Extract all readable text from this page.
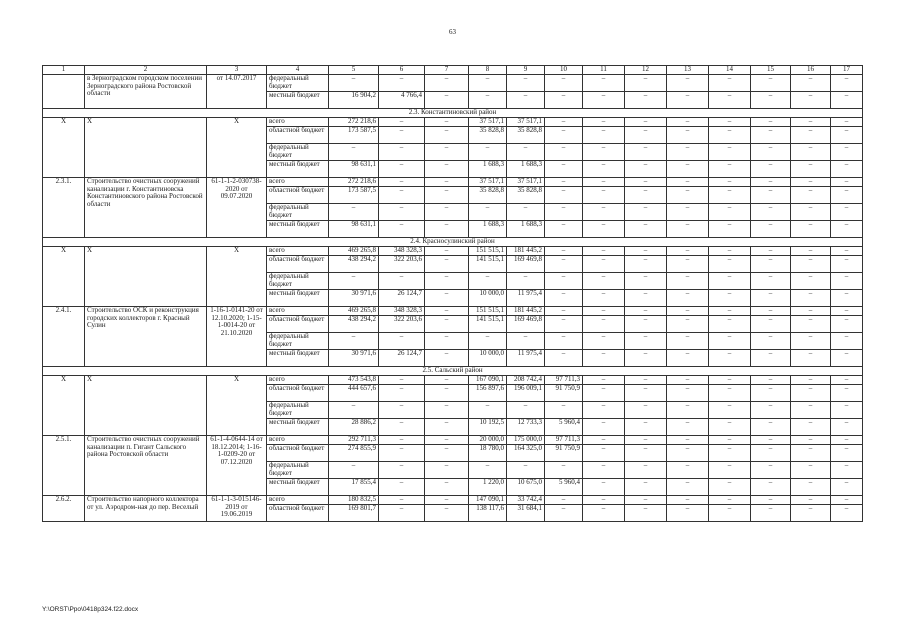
63
1	2	3	4	5	6	7	8	9	10	11	12	13	14	15	16	17
	в Зерноградском городском поселении Зерноградского района Ростовской области	от 14.07.2017	федеральный бюджет	–	–	–	–	–	–	–	–	–	–	–	–	–
			местный бюджет	16 904,2	4 766,4	–	–	–	–	–	–	–	–	–	–	–
2.3. Константиновский район																
Х	Х	Х	всего	272 218,6	–	–	37 517,1	37 517,1	–	–	–	–	–	–	–	–
			областной бюджет	173 587,5	–	–	35 828,8	35 828,8	–	–	–	–	–	–	–	–
			федеральный бюджет	–	–	–	–	–	–	–	–	–	–	–	–	–
			местный бюджет	98 631,1	–	–	1 688,3	1 688,3	–	–	–	–	–	–	–	–
2.3.1.	Строительство очистных сооружений канализации г. Константиновска Константиновского района Ростовской области	61-1-1-2-030738-2020 от 09.07.2020	всего	272 218,6	–	–	37 517,1	37 517,1	–	–	–	–	–	–	–	–
			областной бюджет	173 587,5	–	–	35 828,8	35 828,8	–	–	–	–	–	–	–	–
			федеральный бюджет	–	–	–	–	–	–	–	–	–	–	–	–	–
			местный бюджет	98 631,1	–	–	1 688,3	1 688,3	–	–	–	–	–	–	–	–
2.4. Красносулинский район																
Х	Х	Х	всего	469 265,8	348 328,3	–	151 515,1	181 445,2	–	–	–	–	–	–	–	–
			областной бюджет	438 294,2	322 203,6	–	141 515,1	169 469,8	–	–	–	–	–	–	–	–
			федеральный бюджет	–	–	–	–	–	–	–	–	–	–	–	–	–
			местный бюджет	30 971,6	26 124,7	–	10 000,0	11 975,4	–	–	–	–	–	–	–	–
2.4.1.	Строительство ОСК и реконструкция городских коллекторов г. Красный Сулин	1-16-1-0141-20 от 12.10.2020; 1-15-1-0014-20 от 21.10.2020	всего	469 265,8	348 328,3	–	151 515,1	181 445,2	–	–	–	–	–	–	–	–
			областной бюджет	438 294,2	322 203,6	–	141 515,1	169 469,8	–	–	–	–	–	–	–	–
			федеральный бюджет	–	–	–	–	–	–	–	–	–	–	–	–	–
			местный бюджет	30 971,6	26 124,7	–	10 000,0	11 975,4	–	–	–	–	–	–	–	–
2.5. Сальский район																
Х	Х	Х	всего	473 543,8	–	–	167 090,1	208 742,4	97 711,3	–	–	–	–	–	–	–
			областной бюджет	444 657,6	–	–	156 897,6	196 009,1	91 750,9	–	–	–	–	–	–	–
			федеральный бюджет	–	–	–	–	–	–	–	–	–	–	–	–	–
			местный бюджет	28 886,2	–	–	10 192,5	12 733,3	5 960,4	–	–	–	–	–	–	–
2.5.1.	Строительство очистных сооружений канализации п. Гигант Сальского района Ростовской области	61-1-4-0644-14 от 18.12.2014; 1-16-1-0209-20 от 07.12.2020	всего	292 711,3	–	–	20 000,0	175 000,0	97 711,3	–	–	–	–	–	–	–
			областной бюджет	274 855,9	–	–	18 780,0	164 325,0	91 750,9	–	–	–	–	–	–	–
			федеральный бюджет	–	–	–	–	–	–	–	–	–	–	–	–	–
			местный бюджет	17 855,4	–	–	1 220,0	10 675,0	5 960,4	–	–	–	–	–	–	–
2.6.2.	Строительство напорного коллектора от ул. Аэродром-ная до пер. Веселый	61-1-1-3-015146-2019 от 19.06.2019	всего	180 832,5	–	–	147 090,1	33 742,4	–	–	–	–	–	–	–	–
			областной бюджет	169 801,7	–	–	138 117,6	31 684,1	–	–	–	–	–	–	–	–
Y:\ORST\Ppo\0418p324.f22.docx
